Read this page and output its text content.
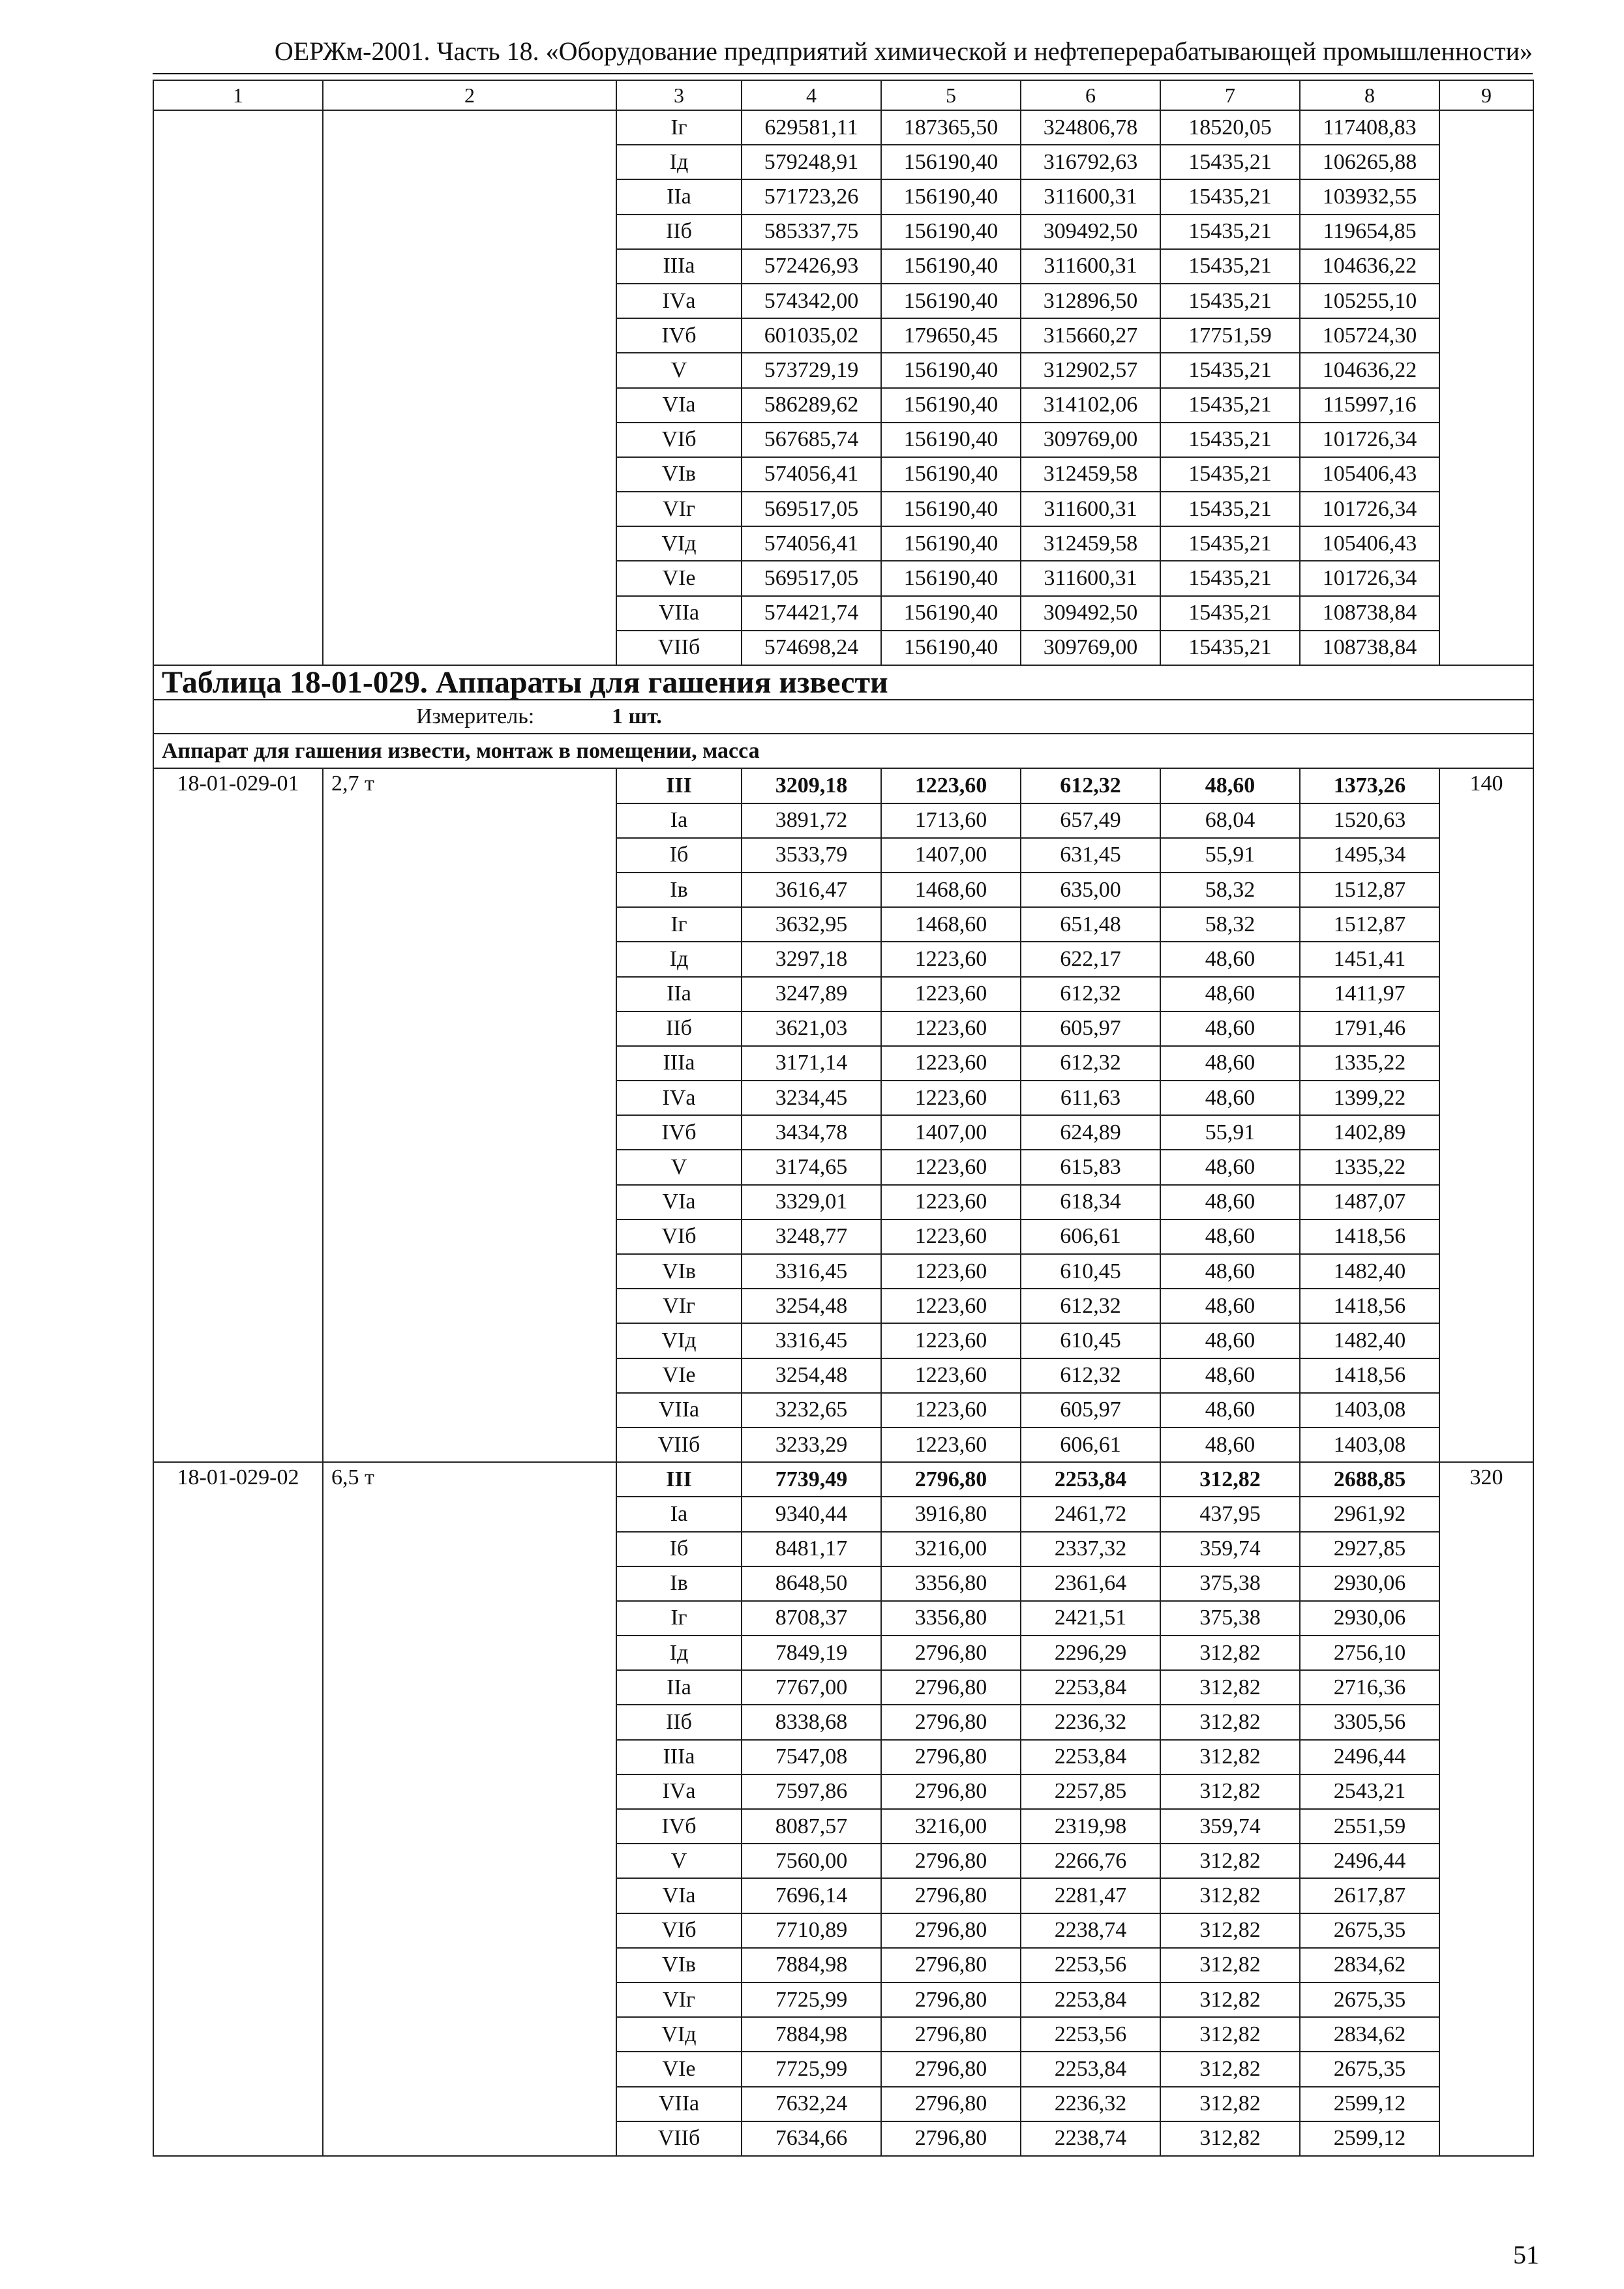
ОЕРЖм-2001. Часть 18. «Оборудование предприятий химической и нефтеперерабатывающей промышленности»
1	2	3	4	5	6	7	8	9
		Iг	629581,11	187365,50	324806,78	18520,05	117408,83	
		Iд	579248,91	156190,40	316792,63	15435,21	106265,88	
		IIа	571723,26	156190,40	311600,31	15435,21	103932,55	
		IIб	585337,75	156190,40	309492,50	15435,21	119654,85	
		IIIа	572426,93	156190,40	311600,31	15435,21	104636,22	
		IVа	574342,00	156190,40	312896,50	15435,21	105255,10	
		IVб	601035,02	179650,45	315660,27	17751,59	105724,30	
		V	573729,19	156190,40	312902,57	15435,21	104636,22	
		VIа	586289,62	156190,40	314102,06	15435,21	115997,16	
		VIб	567685,74	156190,40	309769,00	15435,21	101726,34	
		VIв	574056,41	156190,40	312459,58	15435,21	105406,43	
		VIг	569517,05	156190,40	311600,31	15435,21	101726,34	
		VIд	574056,41	156190,40	312459,58	15435,21	105406,43	
		VIе	569517,05	156190,40	311600,31	15435,21	101726,34	
		VIIа	574421,74	156190,40	309492,50	15435,21	108738,84	
		VIIб	574698,24	156190,40	309769,00	15435,21	108738,84	
Таблица 18-01-029. Аппараты для гашения извести								
Измеритель: 1 шт.								
Аппарат для гашения извести, монтаж в помещении, масса								
18-01-029-01	2,7 т	III	3209,18	1223,60	612,32	48,60	1373,26	140
		Iа	3891,72	1713,60	657,49	68,04	1520,63	
		Iб	3533,79	1407,00	631,45	55,91	1495,34	
		Iв	3616,47	1468,60	635,00	58,32	1512,87	
		Iг	3632,95	1468,60	651,48	58,32	1512,87	
		Iд	3297,18	1223,60	622,17	48,60	1451,41	
		IIа	3247,89	1223,60	612,32	48,60	1411,97	
		IIб	3621,03	1223,60	605,97	48,60	1791,46	
		IIIа	3171,14	1223,60	612,32	48,60	1335,22	
		IVа	3234,45	1223,60	611,63	48,60	1399,22	
		IVб	3434,78	1407,00	624,89	55,91	1402,89	
		V	3174,65	1223,60	615,83	48,60	1335,22	
		VIа	3329,01	1223,60	618,34	48,60	1487,07	
		VIб	3248,77	1223,60	606,61	48,60	1418,56	
		VIв	3316,45	1223,60	610,45	48,60	1482,40	
		VIг	3254,48	1223,60	612,32	48,60	1418,56	
		VIд	3316,45	1223,60	610,45	48,60	1482,40	
		VIе	3254,48	1223,60	612,32	48,60	1418,56	
		VIIа	3232,65	1223,60	605,97	48,60	1403,08	
		VIIб	3233,29	1223,60	606,61	48,60	1403,08	
18-01-029-02	6,5 т	III	7739,49	2796,80	2253,84	312,82	2688,85	320
		Iа	9340,44	3916,80	2461,72	437,95	2961,92	
		Iб	8481,17	3216,00	2337,32	359,74	2927,85	
		Iв	8648,50	3356,80	2361,64	375,38	2930,06	
		Iг	8708,37	3356,80	2421,51	375,38	2930,06	
		Iд	7849,19	2796,80	2296,29	312,82	2756,10	
		IIа	7767,00	2796,80	2253,84	312,82	2716,36	
		IIб	8338,68	2796,80	2236,32	312,82	3305,56	
		IIIа	7547,08	2796,80	2253,84	312,82	2496,44	
		IVа	7597,86	2796,80	2257,85	312,82	2543,21	
		IVб	8087,57	3216,00	2319,98	359,74	2551,59	
		V	7560,00	2796,80	2266,76	312,82	2496,44	
		VIа	7696,14	2796,80	2281,47	312,82	2617,87	
		VIб	7710,89	2796,80	2238,74	312,82	2675,35	
		VIв	7884,98	2796,80	2253,56	312,82	2834,62	
		VIг	7725,99	2796,80	2253,84	312,82	2675,35	
		VIд	7884,98	2796,80	2253,56	312,82	2834,62	
		VIе	7725,99	2796,80	2253,84	312,82	2675,35	
		VIIа	7632,24	2796,80	2236,32	312,82	2599,12	
		VIIб	7634,66	2796,80	2238,74	312,82	2599,12	
51
